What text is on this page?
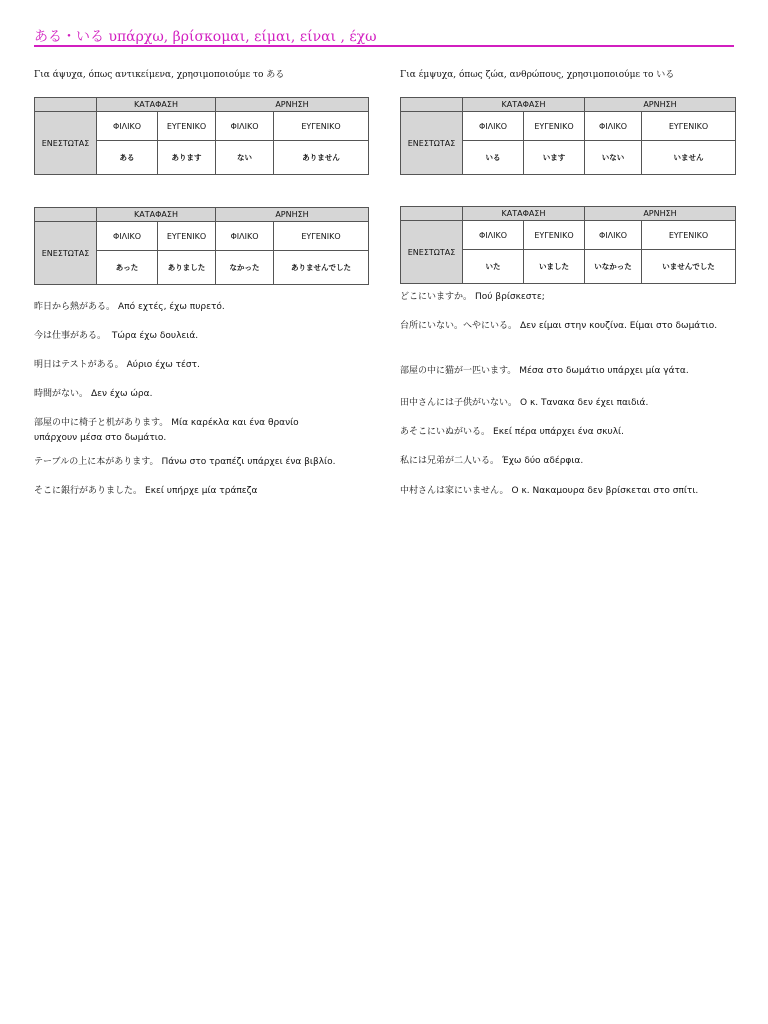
ある・いる υπάρχω, βρίσκομαι, είμαι, είναι , έχω
Για άψυχα, όπως αντικείμενα, χρησιμοποιούμε το ある	Για έμψυχα, όπως ζώα, ανθρώπους, χρησιμοποιούμε το いる
	ΚΑΤΑΦΑΣΗ		ΑΡΝΗΣΗ	
ΕΝΕΣΤΩΤΑΣ	ΦΙΛΙΚΟ	ΕΥΓΕΝΙΚΟ	ΦΙΛΙΚΟ	ΕΥΓΕΝΙΚΟ
	ある	あります	ない	ありません
	ΚΑΤΑΦΑΣΗ		ΑΡΝΗΣΗ	
ΕΝΕΣΤΩΤΑΣ	ΦΙΛΙΚΟ	ΕΥΓΕΝΙΚΟ	ΦΙΛΙΚΟ	ΕΥΓΕΝΙΚΟ
	いる	います	いない	いません
	ΚΑΤΑΦΑΣΗ		ΑΡΝΗΣΗ	
ΕΝΕΣΤΩΤΑΣ	ΦΙΛΙΚΟ	ΕΥΓΕΝΙΚΟ	ΦΙΛΙΚΟ	ΕΥΓΕΝΙΚΟ
	あった	ありました	なかった	ありませんでした
	ΚΑΤΑΦΑΣΗ		ΑΡΝΗΣΗ	
ΕΝΕΣΤΩΤΑΣ	ΦΙΛΙΚΟ	ΕΥΓΕΝΙΚΟ	ΦΙΛΙΚΟ	ΕΥΓΕΝΙΚΟ
	いた	いました	いなかった	いませんでした
昨日から熱がある。 Από εχτές, έχω πυρετό.
今は仕事がある。 Τώρα έχω δουλειά.
明日はテストがある。 Αύριο έχω τέστ.
時間がない。 Δεν έχω ώρα.
部屋の中に椅子と机があります。 Μία καρέκλα και ένα θρανίο υπάρχουν μέσα στο δωμάτιο.
テーブルの上に本があります。 Πάνω στο τραπέζι υπάρχει ένα βιβλίο.
そこに銀行がありました。 Εκεί υπήρχε μία τράπεζα
どこにいますか。 Πού βρίσκεστε;
台所にいない。へやにいる。 Δεν είμαι στην κουζίνα. Είμαι στο δωμάτιο.
部屋の中に猫が一匹います。 Μέσα στο δωμάτιο υπάρχει μία γάτα.
田中さんには子供がいない。 Ο κ. Τανακα δεν έχει παιδιά.
あそこにいぬがいる。 Εκεί πέρα υπάρχει ένα σκυλί.
私には兄弟が二人いる。 Έχω δύο αδέρφια.
中村さんは家にいません。 Ο κ. Νακαμουρα δεν βρίσκεται στο σπίτι.
